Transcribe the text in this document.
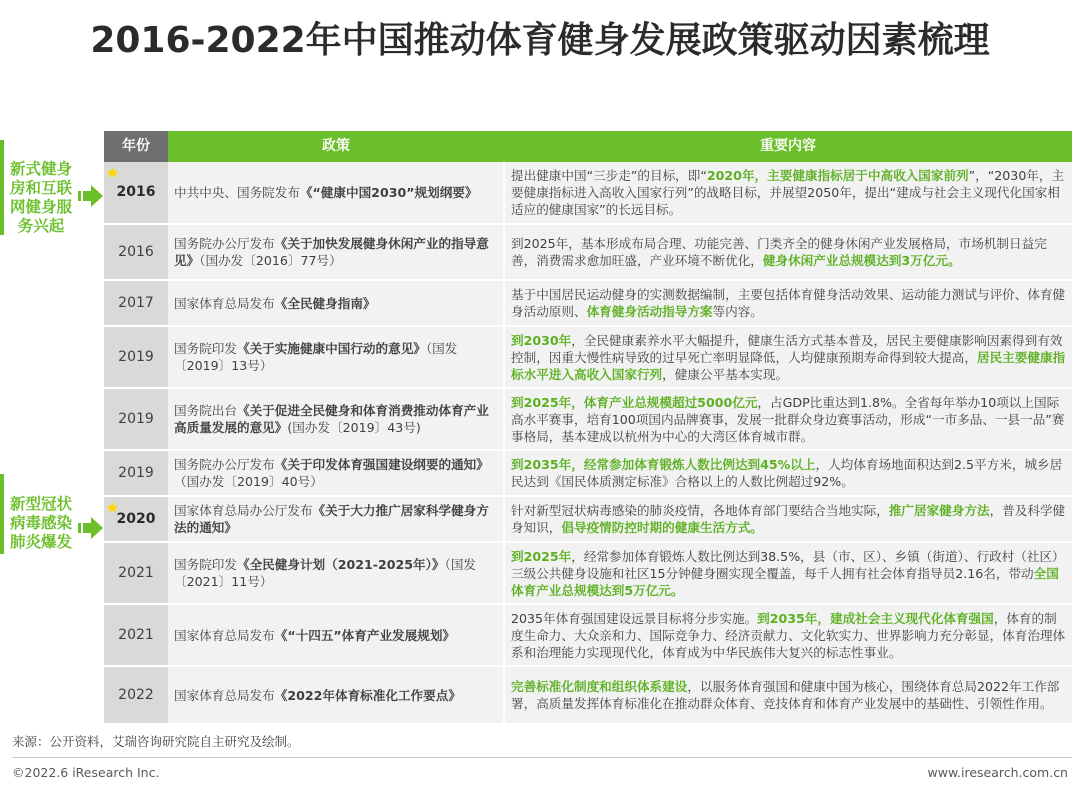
2016-2022年中国推动体育健身发展政策驱动因素梳理
新式健身
房和互联
网健身服
务兴起
新型冠状
病毒感染
肺炎爆发
年份	政策	重要内容

2016	中共中央、国务院发布《“健康中国2030”规划纲要》	提出健康中国“三步走”的目标，即“2020年，主要健康指标居于中高收入国家前列”，“2030年，主要健康指标进入高收入国家行列”的战略目标，并展望2050年，提出“建成与社会主义现代化国家相适应的健康国家”的长远目标。
2016	国务院办公厅发布《关于加快发展健身休闲产业的指导意见》（国办发〔2016〕77号）	到2025年，基本形成布局合理、功能完善、门类齐全的健身休闲产业发展格局，市场机制日益完善，消费需求愈加旺盛，产业环境不断优化，健身休闲产业总规模达到3万亿元。
2017	国家体育总局发布《全民健身指南》	基于中国居民运动健身的实测数据编制，主要包括体育健身活动效果、运动能力测试与评价、体育健身活动原则、体育健身活动指导方案等内容。
2019	国务院印发《关于实施健康中国行动的意见》（国发〔2019〕13号）	到2030年，全民健康素养水平大幅提升，健康生活方式基本普及，居民主要健康影响因素得到有效控制，因重大慢性病导致的过早死亡率明显降低，人均健康预期寿命得到较大提高，居民主要健康指标水平进入高收入国家行列，健康公平基本实现。
2019	国务院出台《关于促进全民健身和体育消费推动体育产业高质量发展的意见》(国办发〔2019〕43号)	到2025年，体育产业总规模超过5000亿元，占GDP比重达到1.8%。全省每年举办10项以上国际高水平赛事，培育100项国内品牌赛事，发展一批群众身边赛事活动，形成“一市多品、一县一品”赛事格局，基本建成以杭州为中心的大湾区体育城市群。
2019	国务院办公厅发布《关于印发体育强国建设纲要的通知》（国办发〔2019〕40号）	到2035年，经常参加体育锻炼人数比例达到45%以上，人均体育场地面积达到2.5平方米，城乡居民达到《国民体质测定标准》合格以上的人数比例超过92%。

2020	国家体育总局办公厅发布《关于大力推广居家科学健身方法的通知》	针对新型冠状病毒感染的肺炎疫情，各地体育部门要结合当地实际，推广居家健身方法，普及科学健身知识，倡导疫情防控时期的健康生活方式。
2021	国务院印发《全民健身计划（2021-2025年）》（国发〔2021〕11号）	到2025年，经常参加体育锻炼人数比例达到38.5%，县（市、区）、乡镇（街道）、行政村（社区）三级公共健身设施和社区15分钟健身圈实现全覆盖，每千人拥有社会体育指导员2.16名，带动全国体育产业总规模达到5万亿元。
2021	国家体育总局发布《“十四五”体育产业发展规划》	2035年体育强国建设远景目标将分步实施。到2035年，建成社会主义现代化体育强国，体育的制度生命力、大众亲和力、国际竞争力、经济贡献力、文化软实力、世界影响力充分彰显，体育治理体系和治理能力实现现代化，体育成为中华民族伟大复兴的标志性事业。
2022	国家体育总局发布《2022年体育标准化工作要点》	完善标准化制度和组织体系建设，以服务体育强国和健康中国为核心，围绕体育总局2022年工作部署，高质量发挥体育标准化在推动群众体育、竞技体育和体育产业发展中的基础性、引领性作用。
来源：公开资料，艾瑞咨询研究院自主研究及绘制。
©2022.6 iResearch Inc.	www.iresearch.com.cn
